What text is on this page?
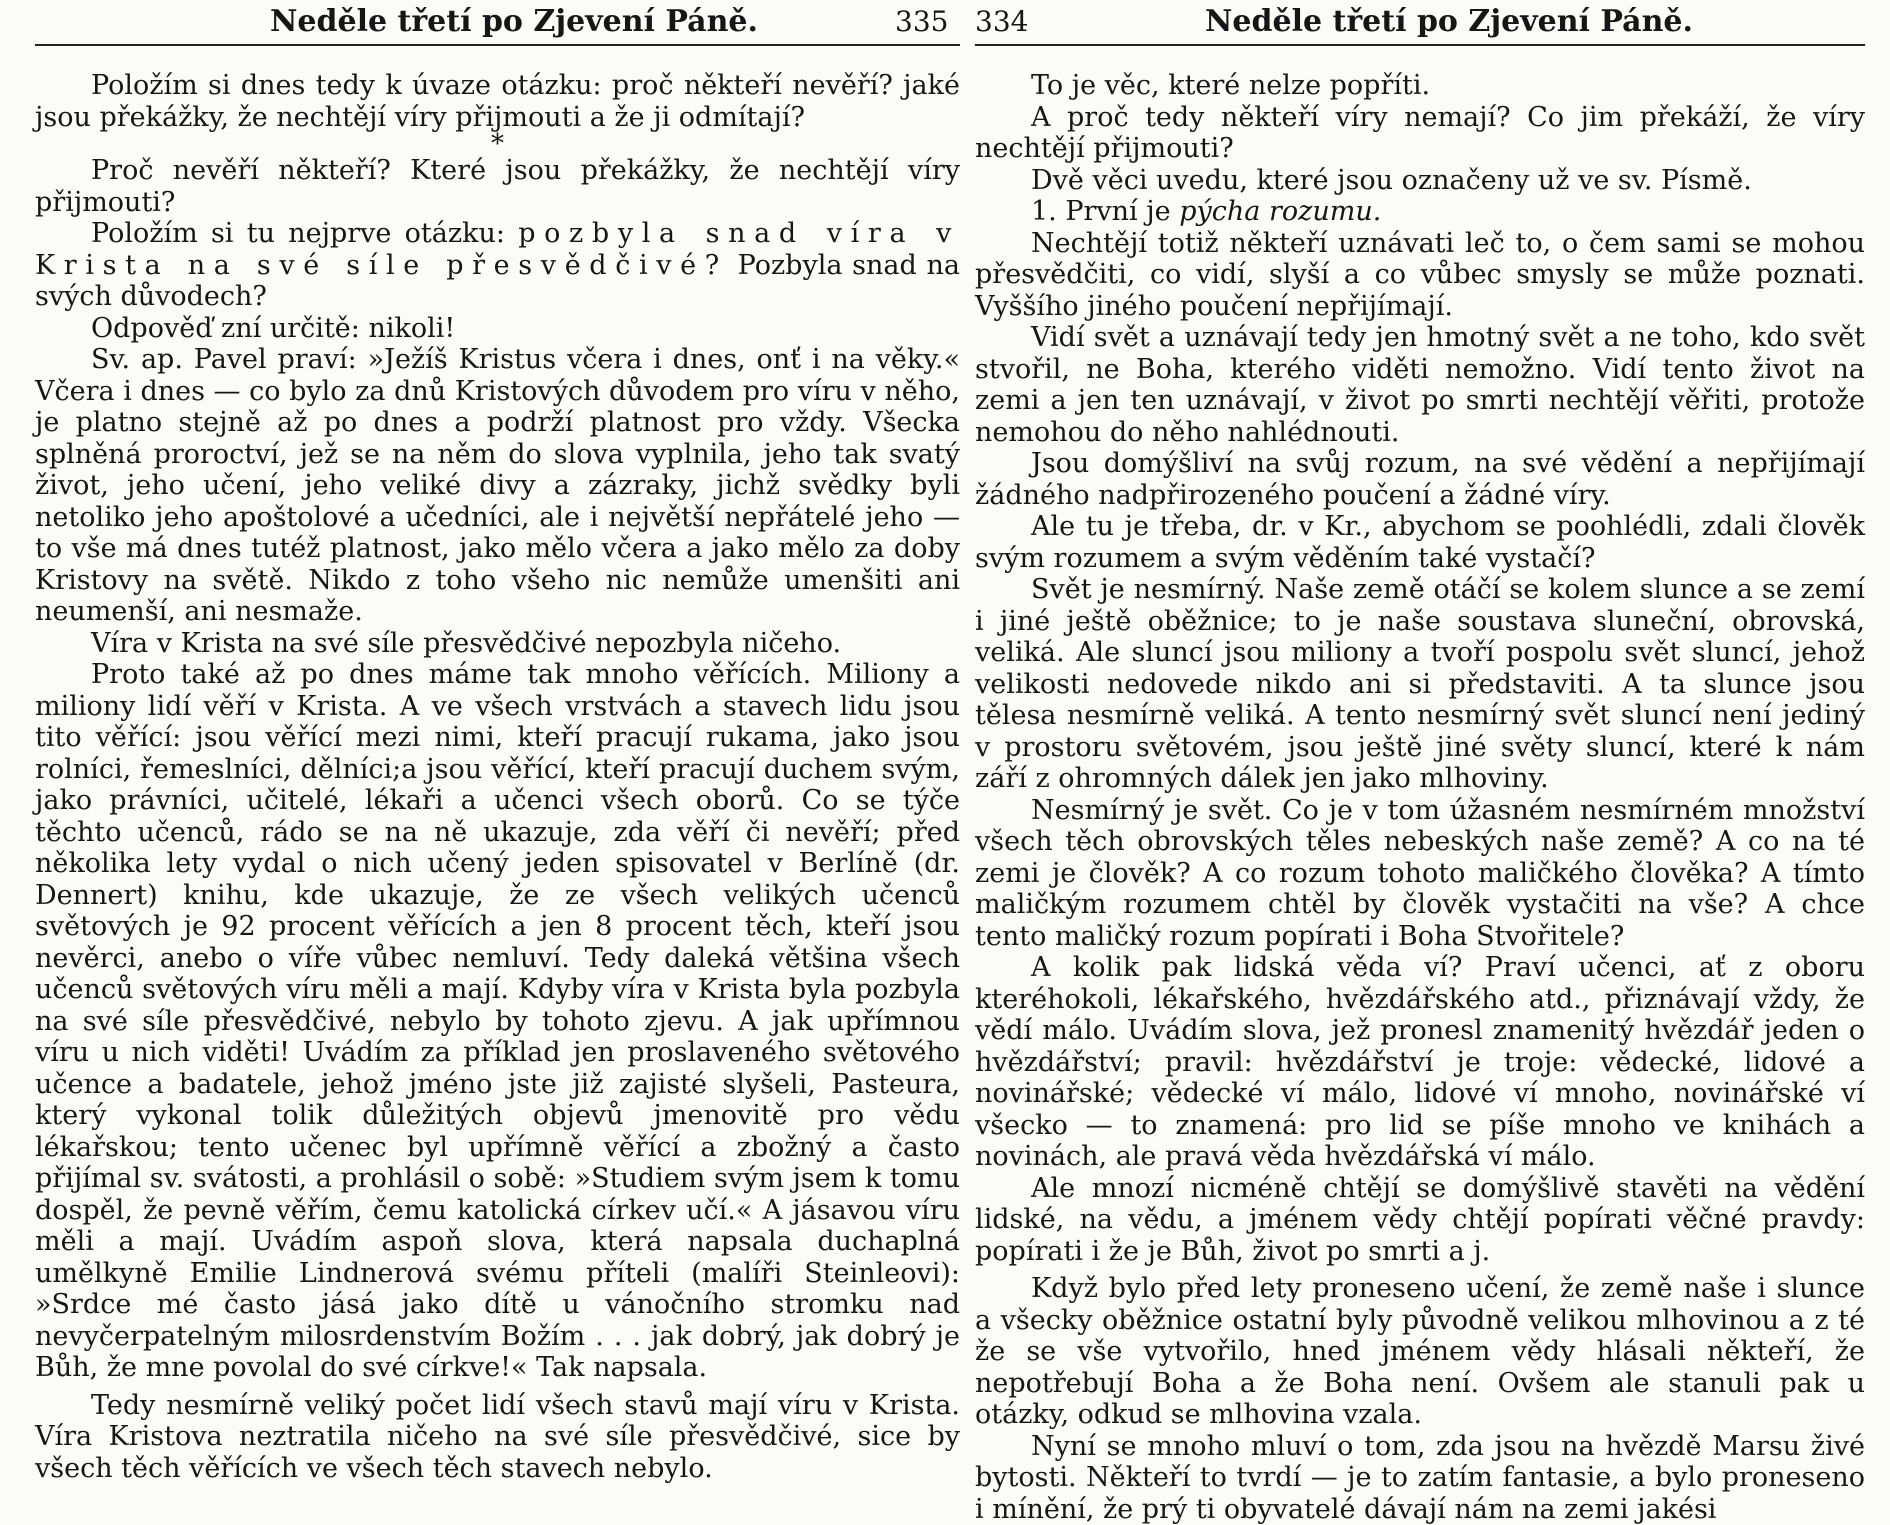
Neděle třetí po Zjevení Páně.	335

Položím si dnes tedy k úvaze otázku: proč někteří nevěří? jaké jsou překážky, že nechtějí víry přijmouti a že ji odmítají?

*

Proč nevěří někteří? Které jsou překážky, že nechtějí víry přijmouti?

Položím si tu nejprve otázku: pozbyla snad víra v Krista na své síle přesvědčivé? Pozbyla snad na svých důvodech?

Odpověď zní určitě: nikoli!

Sv. ap. Pavel praví: »Ježíš Kristus včera i dnes, onť i na věky.« Včera i dnes — co bylo za dnů Kristových důvodem pro víru v něho, je platno stejně až po dnes a podrží platnost pro vždy. Všecka splněná proroctví, jež se na něm do slova vyplnila, jeho tak svatý život, jeho učení, jeho veliké divy a zázraky, jichž svědky byli netoliko jeho apoštolové a učedníci, ale i největší nepřátelé jeho — to vše má dnes tutéž platnost, jako mělo včera a jako mělo za doby Kristovy na světě. Nikdo z toho všeho nic nemůže umenšiti ani neumenší, ani nesmaže.

Víra v Krista na své síle přesvědčivé nepozbyla ničeho.

Proto také až po dnes máme tak mnoho věřících. Miliony a miliony lidí věří v Krista. A ve všech vrstvách a stavech lidu jsou tito věřící: jsou věřící mezi nimi, kteří pracují rukama, jako jsou rolníci, řemeslníci, dělníci;a jsou věřící, kteří pracují duchem svým, jako právníci, učitelé, lékaři a učenci všech oborů. Co se týče těchto učenců, rádo se na ně ukazuje, zda věří či nevěří; před několika lety vydal o nich učený jeden spisovatel v Berlíně (dr. Dennert) knihu, kde ukazuje, že ze všech velikých učenců světových je 92 procent věřících a jen 8 procent těch, kteří jsou nevěrci, anebo o víře vůbec nemluví. Tedy daleká většina všech učenců světových víru měli a mají. Kdyby víra v Krista byla pozbyla na své síle přesvědčivé, nebylo by tohoto zjevu. A jak upřímnou víru u nich viděti! Uvádím za příklad jen proslaveného světového učence a badatele, jehož jméno jste již zajisté slyšeli, Pasteura, který vykonal tolik důležitých objevů jmenovitě pro vědu lékařskou; tento učenec byl upřímně věřící a zbožný a často přijímal sv. svátosti, a prohlásil o sobě: »Studiem svým jsem k tomu dospěl, že pevně věřím, čemu katolická církev učí.« A jásavou víru měli a mají. Uvádím aspoň slova, která napsala duchaplná umělkyně Emilie Lindnerová svému příteli (malíři Steinleovi): »Srdce mé často jásá jako dítě u vánočního stromku nad nevyčerpatelným milosrdenstvím Božím . . . jak dobrý, jak dobrý je Bůh, že mne povolal do své církve!« Tak napsala.

Tedy nesmírně veliký počet lidí všech stavů mají víru v Krista. Víra Kristova neztratila ničeho na své síle přesvědčivé, sice by všech těch věřících ve všech těch stavech nebylo.

334	Neděle třetí po Zjevení Páně.

To je věc, které nelze popříti.

A proč tedy někteří víry nemají? Co jim překáží, že víry nechtějí přijmouti?

Dvě věci uvedu, které jsou označeny už ve sv. Písmě.

1. První je pýcha rozumu.

Nechtějí totiž někteří uznávati leč to, o čem sami se mohou přesvědčiti, co vidí, slyší a co vůbec smysly se může poznati. Vyššího jiného poučení nepřijímají.

Vidí svět a uznávají tedy jen hmotný svět a ne toho, kdo svět stvořil, ne Boha, kterého viděti nemožno. Vidí tento život na zemi a jen ten uznávají, v život po smrti nechtějí věřiti, protože nemohou do něho nahlédnouti.

Jsou domýšliví na svůj rozum, na své vědění a nepřijímají žádného nadpřirozeného poučení a žádné víry.

Ale tu je třeba, dr. v Kr., abychom se poohlédli, zdali člověk svým rozumem a svým věděním také vystačí?

Svět je nesmírný. Naše země otáčí se kolem slunce a se zemí i jiné ještě oběžnice; to je naše soustava sluneční, obrovská, veliká. Ale sluncí jsou miliony a tvoří pospolu svět sluncí, jehož velikosti nedovede nikdo ani si představiti. A ta slunce jsou tělesa nesmírně veliká. A tento nesmírný svět sluncí není jediný v prostoru světovém, jsou ještě jiné světy sluncí, které k nám září z ohromných dálek jen jako mlhoviny.

Nesmírný je svět. Co je v tom úžasném nesmírném množství všech těch obrovských těles nebeských naše země? A co na té zemi je člověk? A co rozum tohoto maličkého člověka? A tímto maličkým rozumem chtěl by člověk vystačiti na vše? A chce tento maličký rozum popírati i Boha Stvořitele?

A kolik pak lidská věda ví? Praví učenci, ať z oboru kteréhokoli, lékařského, hvězdářského atd., přiznávají vždy, že vědí málo. Uvádím slova, jež pronesl znamenitý hvězdář jeden o hvězdářství; pravil: hvězdářství je troje: vědecké, lidové a novinářské; vědecké ví málo, lidové ví mnoho, novinářské ví všecko — to znamená: pro lid se píše mnoho ve knihách a novinách, ale pravá věda hvězdářská ví málo.

Ale mnozí nicméně chtějí se domýšlivě stavěti na vědění lidské, na vědu, a jménem vědy chtějí popírati věčné pravdy: popírati i že je Bůh, život po smrti a j.

Když bylo před lety proneseno učení, že země naše i slunce a všecky oběžnice ostatní byly původně velikou mlhovinou a z té že se vše vytvořilo, hned jménem vědy hlásali někteří, že nepotřebují Boha a že Boha není. Ovšem ale stanuli pak u otázky, odkud se mlhovina vzala.

Nyní se mnoho mluví o tom, zda jsou na hvězdě Marsu živé bytosti. Někteří to tvrdí — je to zatím fantasie, a bylo proneseno i mínění, že prý ti obyvatelé dávají nám na zemi jakési
